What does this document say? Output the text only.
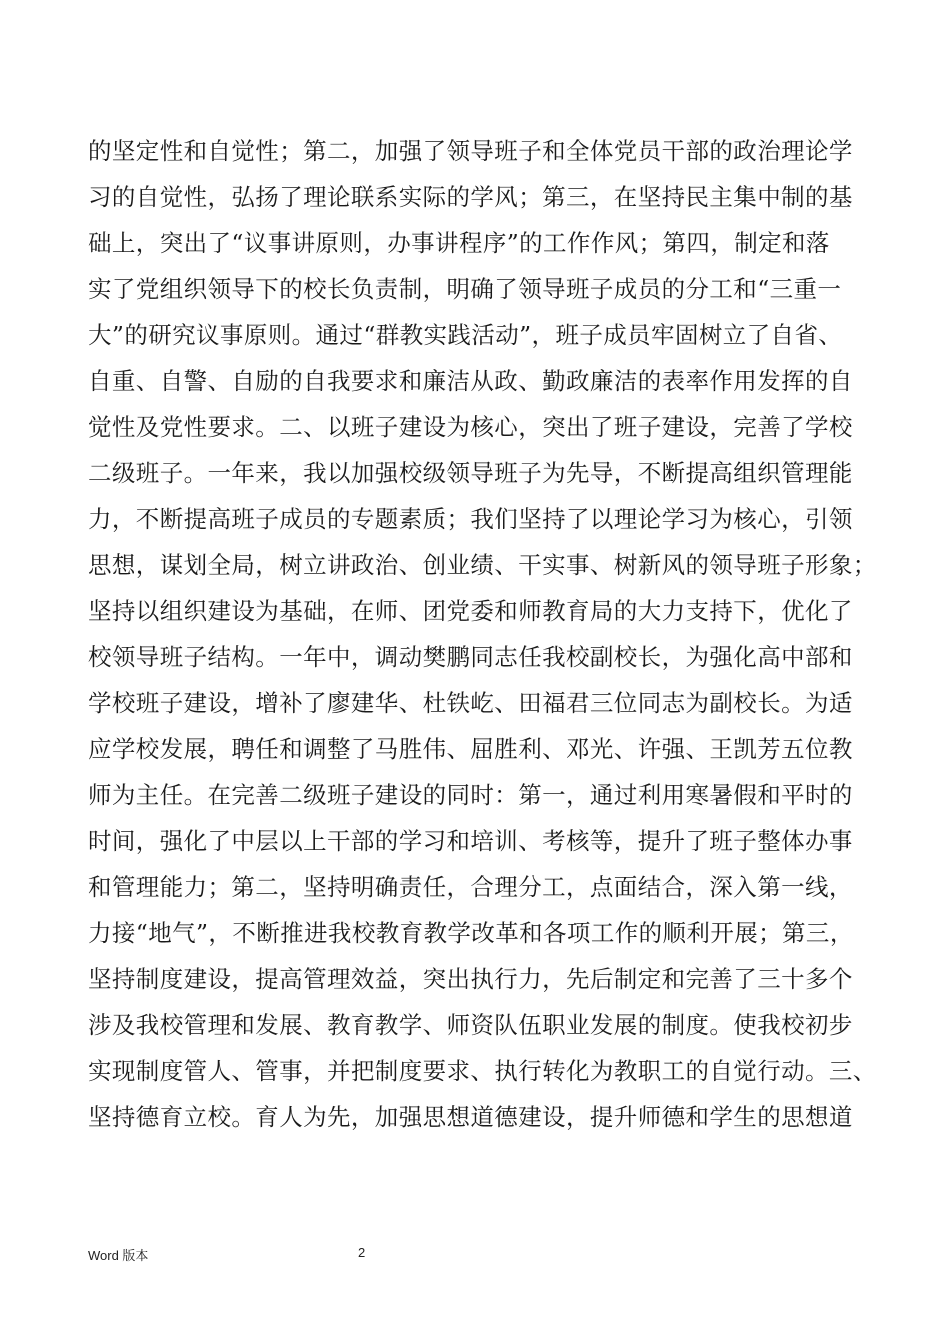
的坚定性和自觉性；第二，加强了领导班子和全体党员干部的政治理论学
习的自觉性，弘扬了理论联系实际的学风；第三，在坚持民主集中制的基
础上，突出了“议事讲原则，办事讲程序”的工作作风；第四，制定和落
实了党组织领导下的校长负责制，明确了领导班子成员的分工和“三重一
大”的研究议事原则。通过“群教实践活动”，班子成员牢固树立了自省、
自重、自警、自励的自我要求和廉洁从政、勤政廉洁的表率作用发挥的自
觉性及党性要求。二、以班子建设为核心，突出了班子建设，完善了学校
二级班子。一年来，我以加强校级领导班子为先导，不断提高组织管理能
力，不断提高班子成员的专题素质；我们坚持了以理论学习为核心，引领
思想，谋划全局，树立讲政治、创业绩、干实事、树新风的领导班子形象；
坚持以组织建设为基础，在师、团党委和师教育局的大力支持下，优化了
校领导班子结构。一年中，调动樊鹏同志任我校副校长，为强化高中部和
学校班子建设，增补了廖建华、杜铁屹、田福君三位同志为副校长。为适
应学校发展，聘任和调整了马胜伟、屈胜利、邓光、许强、王凯芳五位教
师为主任。在完善二级班子建设的同时：第一，通过利用寒暑假和平时的
时间，强化了中层以上干部的学习和培训、考核等，提升了班子整体办事
和管理能力；第二，坚持明确责任，合理分工，点面结合，深入第一线，
力接“地气”，不断推进我校教育教学改革和各项工作的顺利开展；第三，
坚持制度建设，提高管理效益，突出执行力，先后制定和完善了三十多个
涉及我校管理和发展、教育教学、师资队伍职业发展的制度。使我校初步
实现制度管人、管事，并把制度要求、执行转化为教职工的自觉行动。三、
坚持德育立校。育人为先，加强思想道德建设，提升师德和学生的思想道
Word 版本	2
